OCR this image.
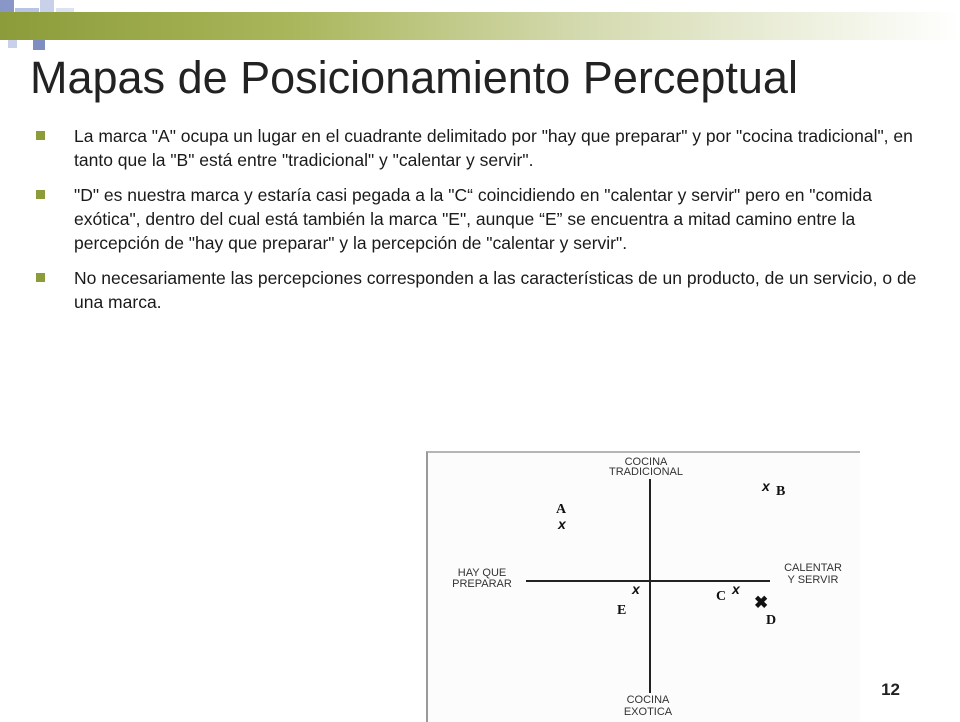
Mapas de Posicionamiento Perceptual
La marca "A" ocupa un lugar en el cuadrante delimitado por "hay que preparar" y por "cocina tradicional", en tanto que la "B" está entre "tradicional" y "calentar y servir".
"D" es nuestra marca y estaría casi pegada a la "C“ coincidiendo en "calentar y servir" pero en "comida exótica", dentro del cual está también la marca "E", aunque “E” se encuentra a mitad camino entre la percepción de "hay que preparar" y la percepción de "calentar y servir".
No necesariamente las percepciones corresponden a las características de un producto, de un servicio, o de una marca.
COCINA
TRADICIONAL
COCINA
EXOTICA
HAY QUE
PREPARAR
CALENTAR
Y SERVIR
A
x
x B
C x
✖
D
x
E
12
